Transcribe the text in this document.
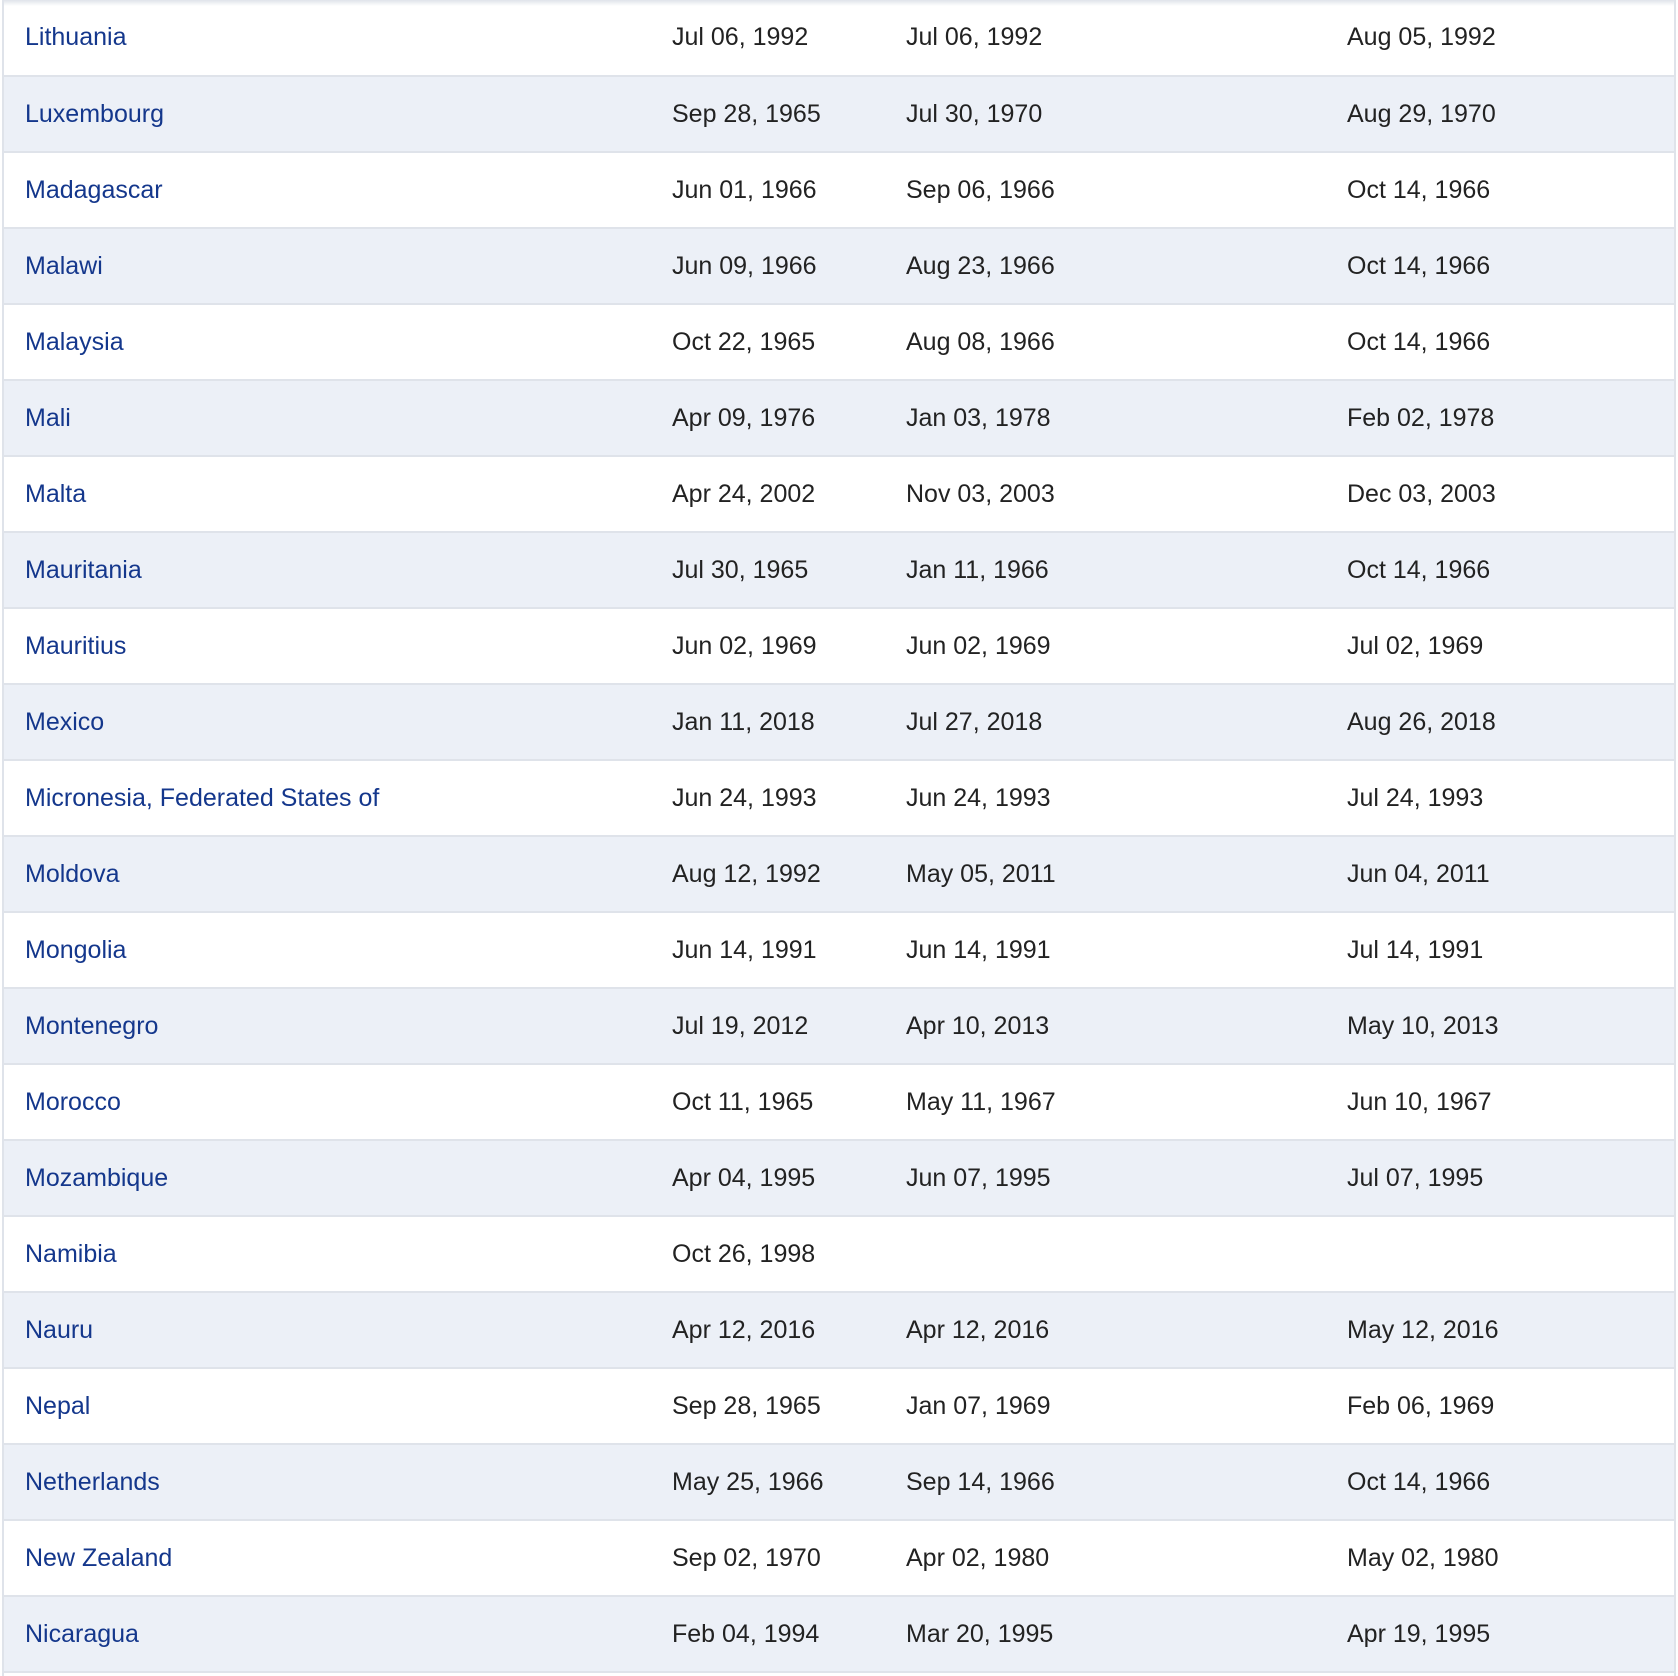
Lithuania	Jul 06, 1992	Jul 06, 1992	Aug 05, 1992
Luxembourg	Sep 28, 1965	Jul 30, 1970	Aug 29, 1970
Madagascar	Jun 01, 1966	Sep 06, 1966	Oct 14, 1966
Malawi	Jun 09, 1966	Aug 23, 1966	Oct 14, 1966
Malaysia	Oct 22, 1965	Aug 08, 1966	Oct 14, 1966
Mali	Apr 09, 1976	Jan 03, 1978	Feb 02, 1978
Malta	Apr 24, 2002	Nov 03, 2003	Dec 03, 2003
Mauritania	Jul 30, 1965	Jan 11, 1966	Oct 14, 1966
Mauritius	Jun 02, 1969	Jun 02, 1969	Jul 02, 1969
Mexico	Jan 11, 2018	Jul 27, 2018	Aug 26, 2018
Micronesia, Federated States of	Jun 24, 1993	Jun 24, 1993	Jul 24, 1993
Moldova	Aug 12, 1992	May 05, 2011	Jun 04, 2011
Mongolia	Jun 14, 1991	Jun 14, 1991	Jul 14, 1991
Montenegro	Jul 19, 2012	Apr 10, 2013	May 10, 2013
Morocco	Oct 11, 1965	May 11, 1967	Jun 10, 1967
Mozambique	Apr 04, 1995	Jun 07, 1995	Jul 07, 1995
Namibia	Oct 26, 1998		
Nauru	Apr 12, 2016	Apr 12, 2016	May 12, 2016
Nepal	Sep 28, 1965	Jan 07, 1969	Feb 06, 1969
Netherlands	May 25, 1966	Sep 14, 1966	Oct 14, 1966
New Zealand	Sep 02, 1970	Apr 02, 1980	May 02, 1980
Nicaragua	Feb 04, 1994	Mar 20, 1995	Apr 19, 1995
